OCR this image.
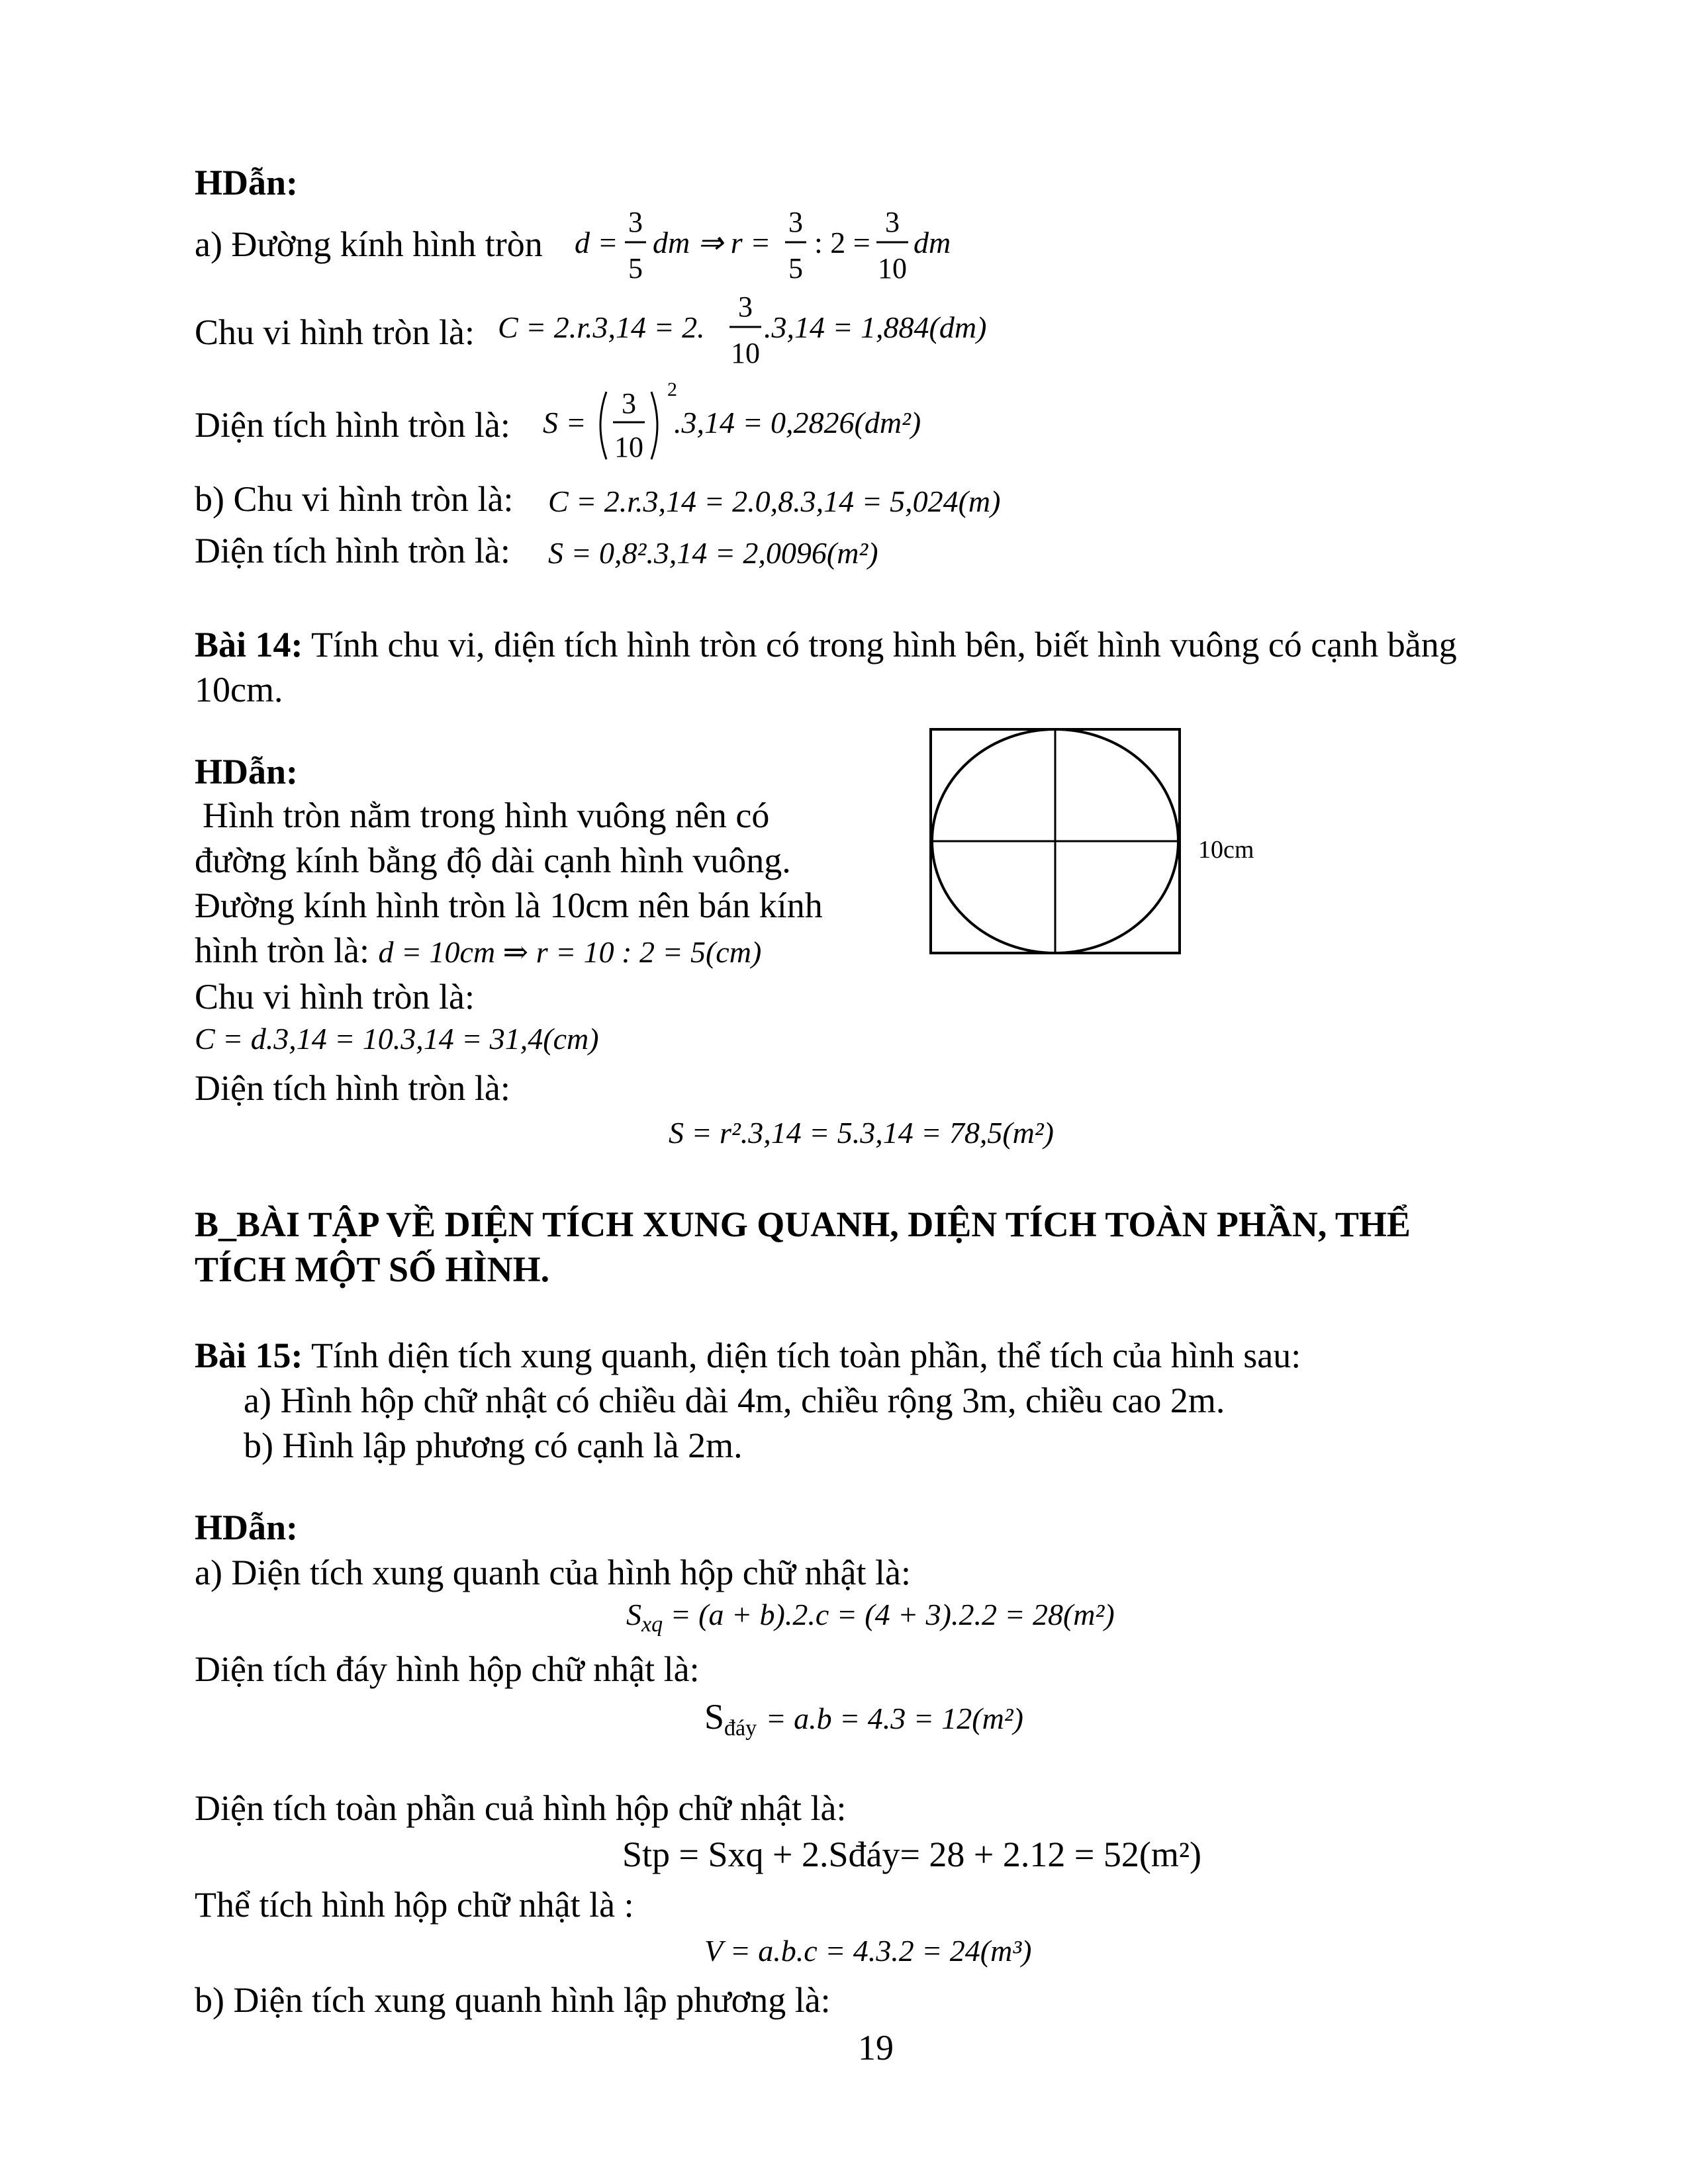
HDẫn:
a) Đường kính hình tròn d =
3
5
dm ⇒ r =
3
5
: 2 =
3
10
dm
Chu vi hình tròn là: C = 2.r.3,14 = 2.
3
10
.3,14 = 1,884(dm)
Diện tích hình tròn là: S =
3
10
2
.3,14 = 0,2826(dm²)
b) Chu vi hình tròn là: C = 2.r.3,14 = 2.0,8.3,14 = 5,024(m)
Diện tích hình tròn là: S = 0,8².3,14 = 2,0096(m²)
Bài 14: Tính chu vi, diện tích hình tròn có trong hình bên, biết hình vuông có cạnh bằng
10cm.
HDẫn:
Hình tròn nằm trong hình vuông nên có
đường kính bằng độ dài cạnh hình vuông.
Đường kính hình tròn là 10cm nên bán kính
hình tròn là: d = 10cm ⇒ r = 10 : 2 = 5(cm)
Chu vi hình tròn là:
C = d.3,14 = 10.3,14 = 31,4(cm)
Diện tích hình tròn là:
S = r².3,14 = 5.3,14 = 78,5(m²)
10cm
B_BÀI TẬP VỀ DIỆN TÍCH XUNG QUANH, DIỆN TÍCH TOÀN PHẦN, THỂ
TÍCH MỘT SỐ HÌNH.
Bài 15: Tính diện tích xung quanh, diện tích toàn phần, thể tích của hình sau:
a) Hình hộp chữ nhật có chiều dài 4m, chiều rộng 3m, chiều cao 2m.
b) Hình lập phương có cạnh là 2m.
HDẫn:
a) Diện tích xung quanh của hình hộp chữ nhật là:
$S_{xq} = (a + b).2.c = (4 + 3).2.2 = 28(m^2)$
Diện tích đáy hình hộp chữ nhật là:
$S_{đáy} = a.b = 4.3 = 12(m^2)$
Diện tích toàn phần cuả hình hộp chữ nhật là:
Stp = Sxq + 2.Sđáy= 28 + 2.12 = 52(m²)
Thể tích hình hộp chữ nhật là :
V = a.b.c = 4.3.2 = 24(m³)
b) Diện tích xung quanh hình lập phương là:
19
